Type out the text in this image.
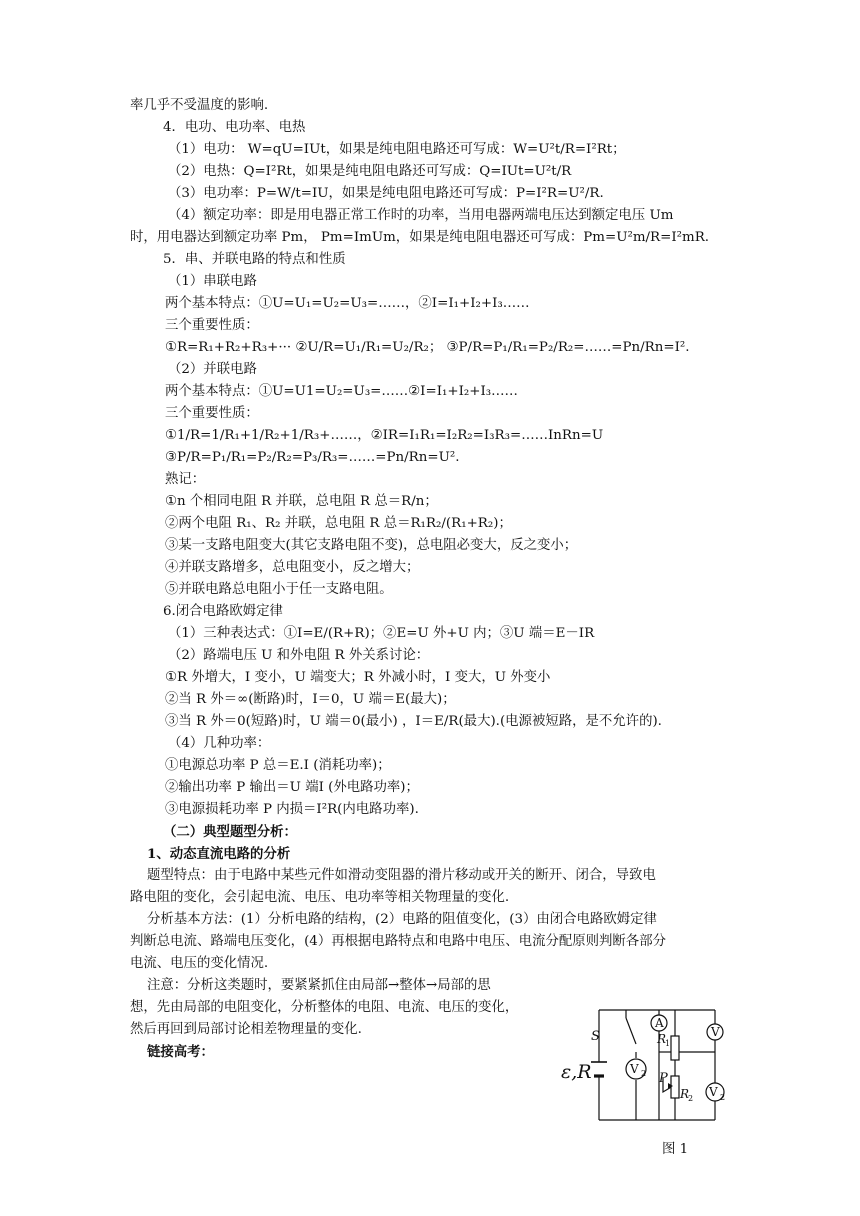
率几乎不受温度的影响.
4．电功、电功率、电热
（1）电功： W=qU=IUt，如果是纯电阻电路还可写成：W=U²t/R=I²Rt；
（2）电热：Q=I²Rt，如果是纯电阻电路还可写成：Q=IUt=U²t/R
（3）电功率：P=W/t=IU，如果是纯电阻电路还可写成：P=I²R=U²/R.
（4）额定功率：即是用电器正常工作时的功率，当用电器两端电压达到额定电压 Um
时，用电器达到额定功率 Pm， Pm=ImUm，如果是纯电阻电器还可写成：Pm=U²m/R=I²mR.
5．串、并联电路的特点和性质
（1）串联电路
两个基本特点：①U=U₁=U₂=U₃=……，②I=I₁+I₂+I₃……
三个重要性质：
①R=R₁+R₂+R₃+··· ②U/R=U₁/R₁=U₂/R₂； ③P/R=P₁/R₁=P₂/R₂=……=Pn/Rn=I².
（2）并联电路
两个基本特点：①U=U1=U₂=U₃=……②I=I₁+I₂+I₃……
三个重要性质：
①1/R=1/R₁+1/R₂+1/R₃+……，②IR=I₁R₁=I₂R₂=I₃R₃=……InRn=U
③P/R=P₁/R₁=P₂/R₂=P₃/R₃=……=Pn/Rn=U².
熟记：
①n 个相同电阻 R 并联，总电阻 R 总＝R/n；
②两个电阻 R₁、R₂ 并联，总电阻 R 总＝R₁R₂/(R₁+R₂)；
③某一支路电阻变大(其它支路电阻不变)，总电阻必变大，反之变小；
④并联支路增多，总电阻变小，反之增大；
⑤并联电路总电阻小于任一支路电阻。
6.闭合电路欧姆定律
（1）三种表达式：①I=E/(R+R)；②E=U 外+U 内；③U 端＝E－IR
（2）路端电压 U 和外电阻 R 外关系讨论：
①R 外增大，I 变小，U 端变大；R 外减小时，I 变大，U 外变小
②当 R 外＝∞(断路)时，I＝0，U 端＝E(最大)；
③当 R 外＝0(短路)时，U 端＝0(最小) ，I＝E/R(最大).(电源被短路，是不允许的).
（4）几种功率：
①电源总功率 P 总＝E.I (消耗功率)；
②输出功率 P 输出＝U 端I (外电路功率)；
③电源损耗功率 P 内损＝I²R(内电路功率).
（二）典型题型分析：
1、动态直流电路的分析
题型特点：由于电路中某些元件如滑动变阻器的滑片移动或开关的断开、闭合，导致电
路电阻的变化，会引起电流、电压、电功率等相关物理量的变化.
分析基本方法：(1）分析电路的结构，(2）电路的阻值变化，(3）由闭合电路欧姆定律
判断总电流、路端电压变化，(4）再根据电路特点和电路中电压、电流分配原则判断各部分
电流、电压的变化情况.
注意：分析这类题时，要紧紧抓住由局部→整体→局部的思
想，先由局部的电阻变化，分析整体的电阻、电流、电压的变化，
然后再回到局部讨论相差物理量的变化.
链接高考：
A
V
V 2
V 2
S
ε,R
R
1
R
2
P
图 1
